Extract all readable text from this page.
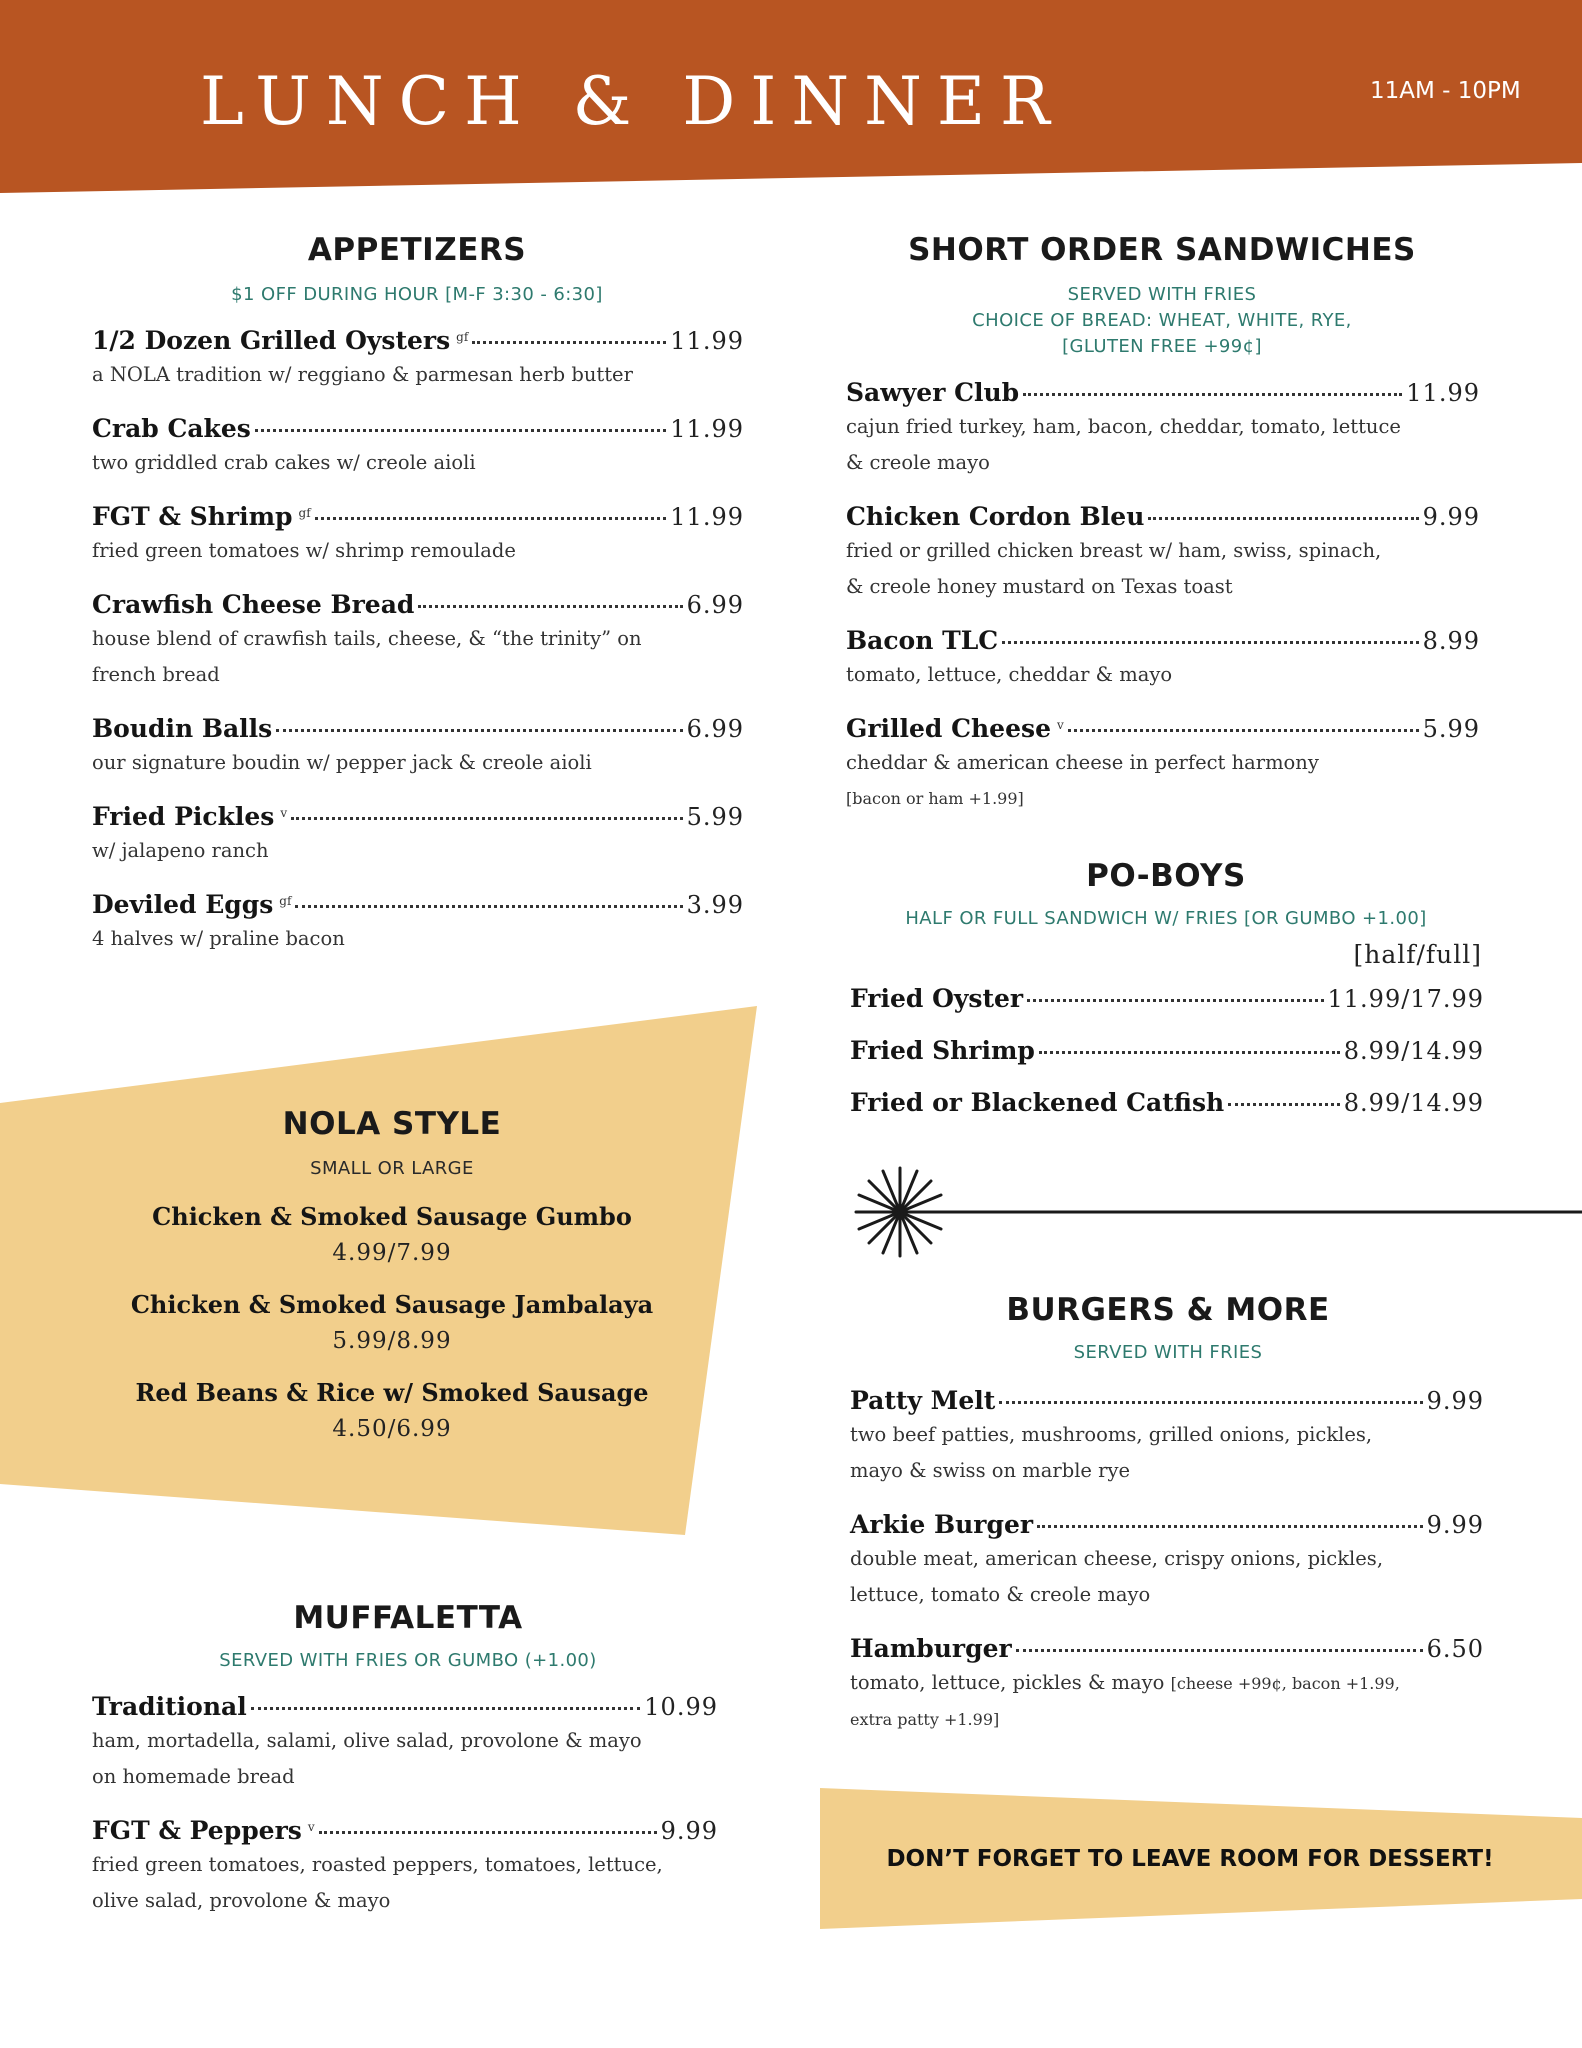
LUNCH & DINNER	11AM - 10PM
APPETIZERS
$1 OFF DURING HOUR [M-F 3:30 - 6:30]
1/2 Dozen Grilled Oysters gf	11.99
a NOLA tradition w/ reggiano & parmesan herb butter
Crab Cakes	11.99
two griddled crab cakes w/ creole aioli
FGT & Shrimp gf	11.99
fried green tomatoes w/ shrimp remoulade
Crawfish Cheese Bread	6.99
house blend of crawfish tails, cheese, & “the trinity” on
french bread
Boudin Balls	6.99
our signature boudin w/ pepper jack & creole aioli
Fried Pickles v	5.99
w/ jalapeno ranch
Deviled Eggs gf	3.99
4 halves w/ praline bacon
NOLA STYLE
SMALL OR LARGE
Chicken & Smoked Sausage Gumbo
4.99/7.99
Chicken & Smoked Sausage Jambalaya
5.99/8.99
Red Beans & Rice w/ Smoked Sausage
4.50/6.99
MUFFALETTA
SERVED WITH FRIES OR GUMBO (+1.00)
Traditional	10.99
ham, mortadella, salami, olive salad, provolone & mayo
on homemade bread
FGT & Peppers v	9.99
fried green tomatoes, roasted peppers, tomatoes, lettuce,
olive salad, provolone & mayo
SHORT ORDER SANDWICHES
SERVED WITH FRIES
CHOICE OF BREAD: WHEAT, WHITE, RYE,
[GLUTEN FREE +99¢]
Sawyer Club	11.99
cajun fried turkey, ham, bacon, cheddar, tomato, lettuce
& creole mayo
Chicken Cordon Bleu	9.99
fried or grilled chicken breast w/ ham, swiss, spinach,
& creole honey mustard on Texas toast
Bacon TLC	8.99
tomato, lettuce, cheddar & mayo
Grilled Cheese v	5.99
cheddar & american cheese in perfect harmony
[bacon or ham +1.99]
PO-BOYS
HALF OR FULL SANDWICH W/ FRIES [OR GUMBO +1.00]
[half/full]
Fried Oyster	11.99/17.99
Fried Shrimp	8.99/14.99
Fried or Blackened Catfish	8.99/14.99
BURGERS & MORE
SERVED WITH FRIES
Patty Melt	9.99
two beef patties, mushrooms, grilled onions, pickles,
mayo & swiss on marble rye
Arkie Burger	9.99
double meat, american cheese, crispy onions, pickles,
lettuce, tomato & creole mayo
Hamburger	6.50
tomato, lettuce, pickles & mayo [cheese +99¢, bacon +1.99,
extra patty +1.99]
DON’T FORGET TO LEAVE ROOM FOR DESSERT!
